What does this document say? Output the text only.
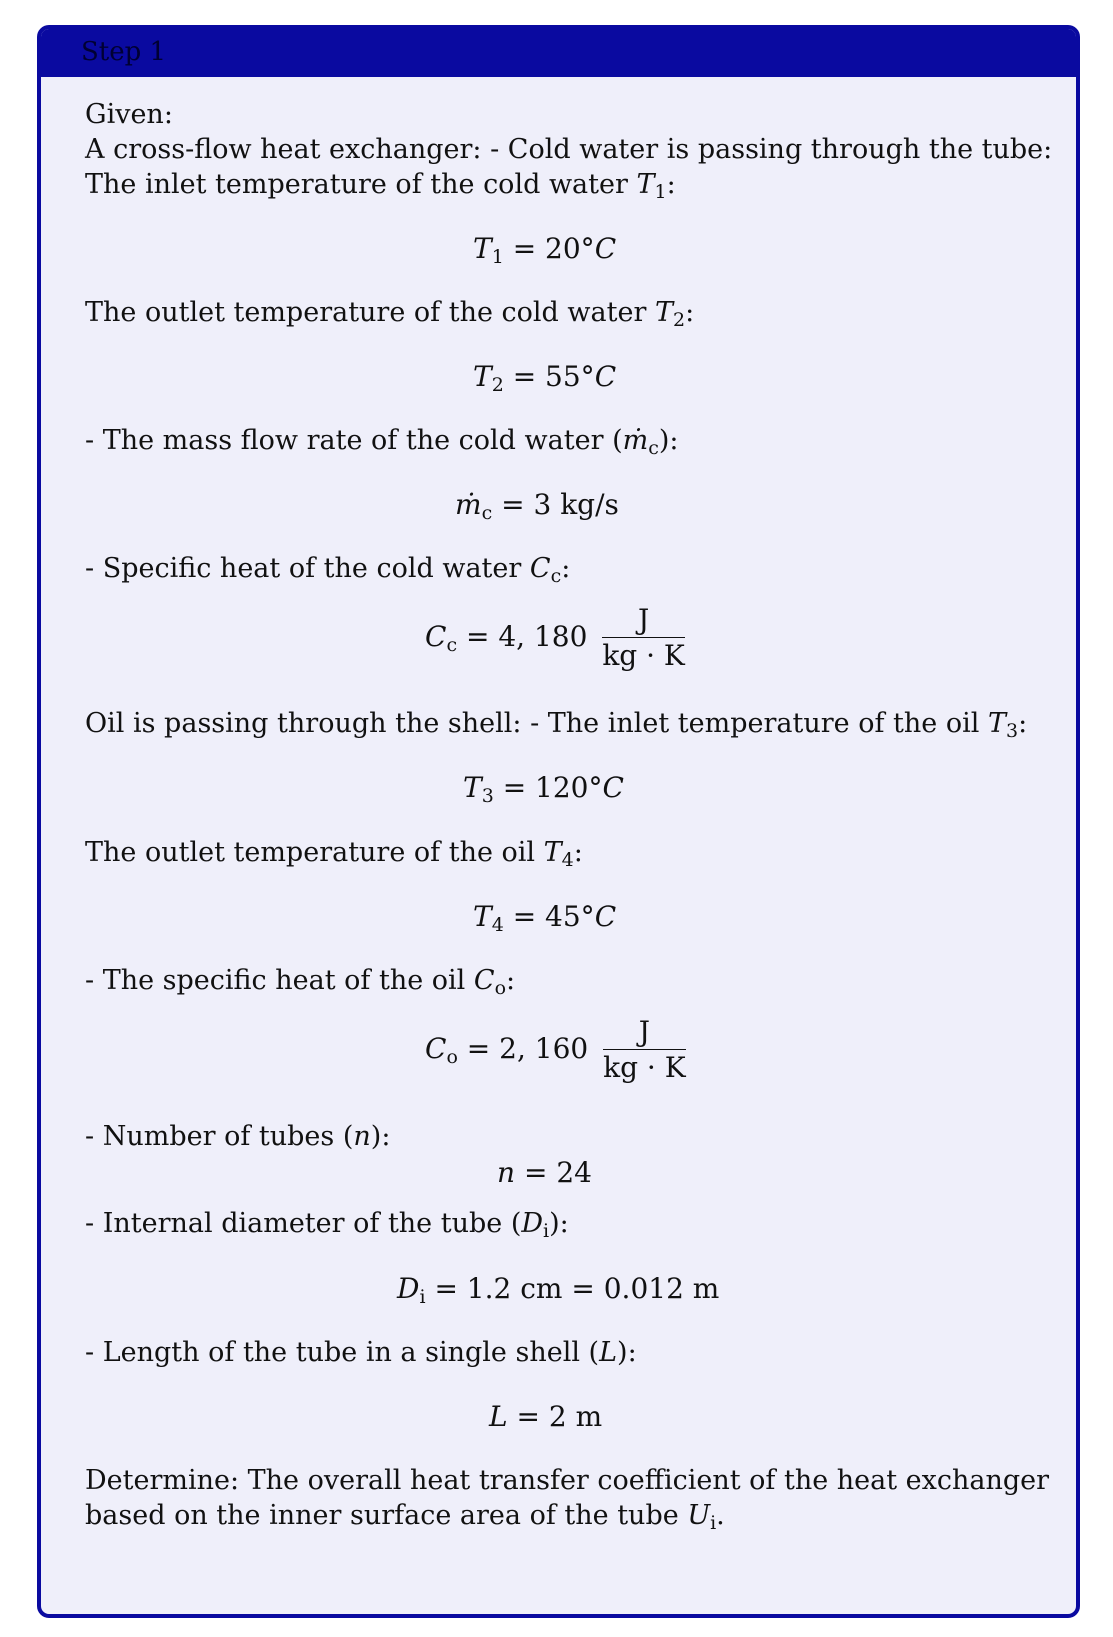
Step 1
Given:
A cross-flow heat exchanger: - Cold water is passing through the tube:
The inlet temperature of the cold water $T_1$:
$T_1 = 20^\circ C$
The outlet temperature of the cold water $T_2$:
$T_2 = 55^\circ C$
- The mass flow rate of the cold water (ṁ$_c$):
ṁ$_c$ = 3 kg/s
- Specific heat of the cold water $C_c$:
$C_c = 4$, $180 \frac{J}{kg \cdot K}$
Oil is passing through the shell: - The inlet temperature of the oil $T_3$:
$T_3 = 120^\circ C$
The outlet temperature of the oil $T_4$:
$T_4 = 45^\circ C$
- The specific heat of the oil $C_o$:
$C_o = 2$, $160 \frac{J}{kg \cdot K}$
- Number of tubes (n):
n = 24
- Internal diameter of the tube $(D_i)$:
$D_i = 1.2$ cm = 0.012 m
- Length of the tube in a single shell (L):
L = 2 m
Determine: The overall heat transfer coefficient of the heat exchanger
based on the inner surface area of the tube $U_i$.
